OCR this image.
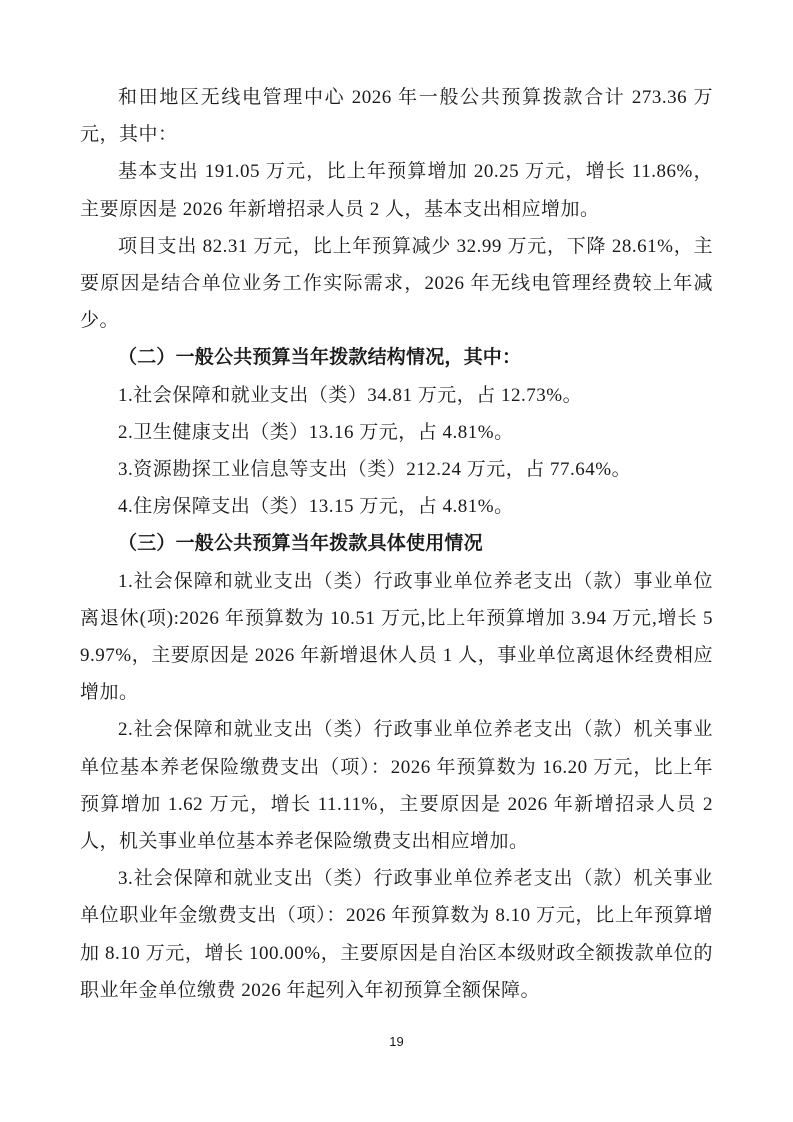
和田地区无线电管理中心 2026 年一般公共预算拨款合计 273.36 万元，其中：

基本支出 191.05 万元，比上年预算增加 20.25 万元，增长 11.86%，主要原因是 2026 年新增招录人员 2 人，基本支出相应增加。

项目支出 82.31 万元，比上年预算减少 32.99 万元，下降 28.61%，主要原因是结合单位业务工作实际需求，2026 年无线电管理经费较上年减少。

（二）一般公共预算当年拨款结构情况，其中：

1.社会保障和就业支出（类）34.81 万元，占 12.73%。

2.卫生健康支出（类）13.16 万元，占 4.81%。

3.资源勘探工业信息等支出（类）212.24 万元，占 77.64%。

4.住房保障支出（类）13.15 万元，占 4.81%。

（三）一般公共预算当年拨款具体使用情况

1.社会保障和就业支出（类）行政事业单位养老支出（款）事业单位离退休(项):2026 年预算数为 10.51 万元,比上年预算增加 3.94 万元,增长 59.97%，主要原因是 2026 年新增退休人员 1 人，事业单位离退休经费相应增加。

2.社会保障和就业支出（类）行政事业单位养老支出（款）机关事业单位基本养老保险缴费支出（项）：2026 年预算数为 16.20 万元，比上年预算增加 1.62 万元，增长 11.11%，主要原因是 2026 年新增招录人员 2 人，机关事业单位基本养老保险缴费支出相应增加。

3.社会保障和就业支出（类）行政事业单位养老支出（款）机关事业单位职业年金缴费支出（项）：2026 年预算数为 8.10 万元，比上年预算增加 8.10 万元，增长 100.00%，主要原因是自治区本级财政全额拨款单位的职业年金单位缴费 2026 年起列入年初预算全额保障。

19
